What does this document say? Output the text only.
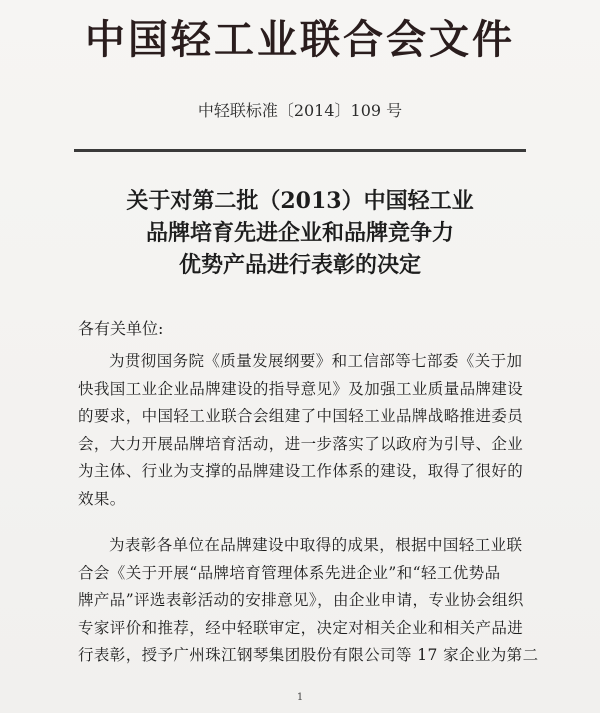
中国轻工业联合会文件
中轻联标准〔2014〕109 号
关于对第二批（2013）中国轻工业
品牌培育先进企业和品牌竞争力
优势产品进行表彰的决定
各有关单位:
为贯彻国务院《质量发展纲要》和工信部等七部委《关于加
快我国工业企业品牌建设的指导意见》及加强工业质量品牌建设
的要求，中国轻工业联合会组建了中国轻工业品牌战略推进委员
会，大力开展品牌培育活动，进一步落实了以政府为引导、企业
为主体、行业为支撑的品牌建设工作体系的建设，取得了很好的
效果。
为表彰各单位在品牌建设中取得的成果，根据中国轻工业联
合会《关于开展“品牌培育管理体系先进企业”和“轻工优势品
牌产品”评选表彰活动的安排意见》，由企业申请，专业协会组织
专家评价和推荐，经中轻联审定，决定对相关企业和相关产品进
行表彰，授予广州珠江钢琴集团股份有限公司等 17 家企业为第二
1
